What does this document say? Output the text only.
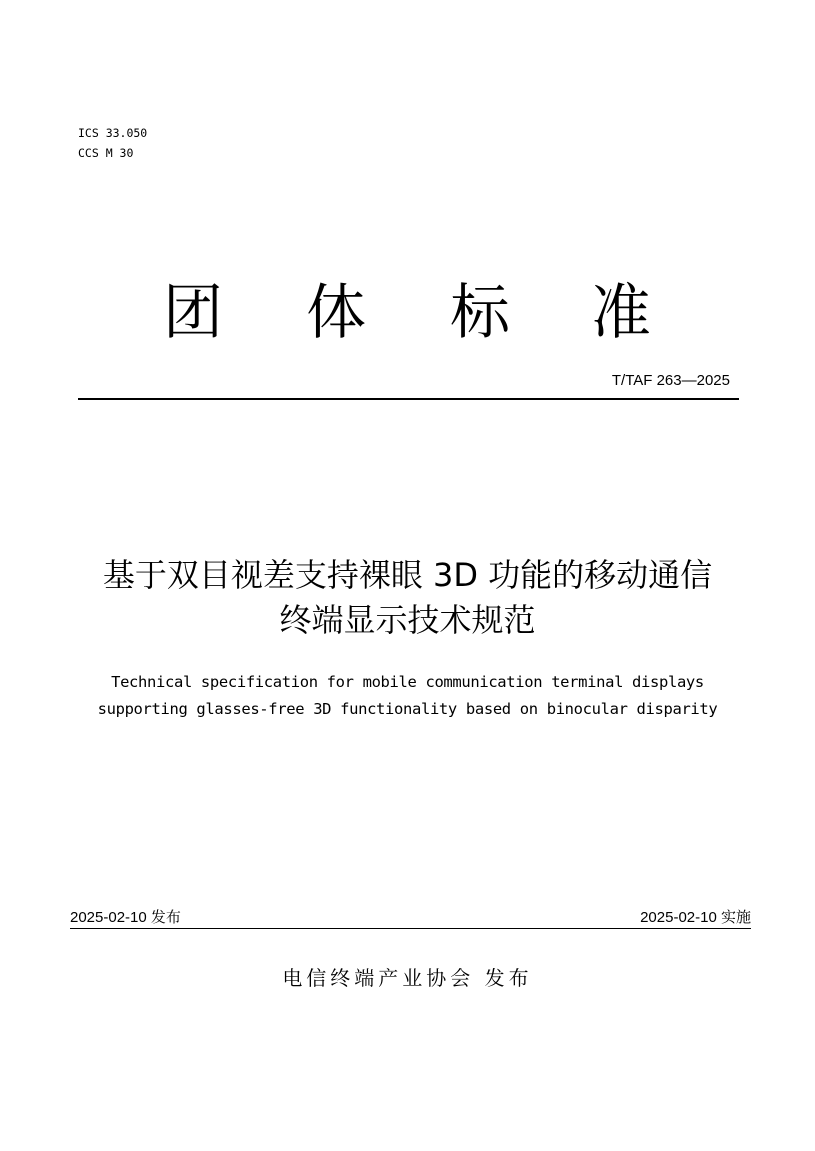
ICS 33.050
CCS M 30
团 体 标 准
T/TAF 263—2025
基于双目视差支持裸眼 3D 功能的移动通信
终端显示技术规范
Technical specification for mobile communication terminal displays
supporting glasses-free 3D functionality based on binocular disparity
2025-02-10 发布	2025-02-10 实施
电信终端产业协会 发布
